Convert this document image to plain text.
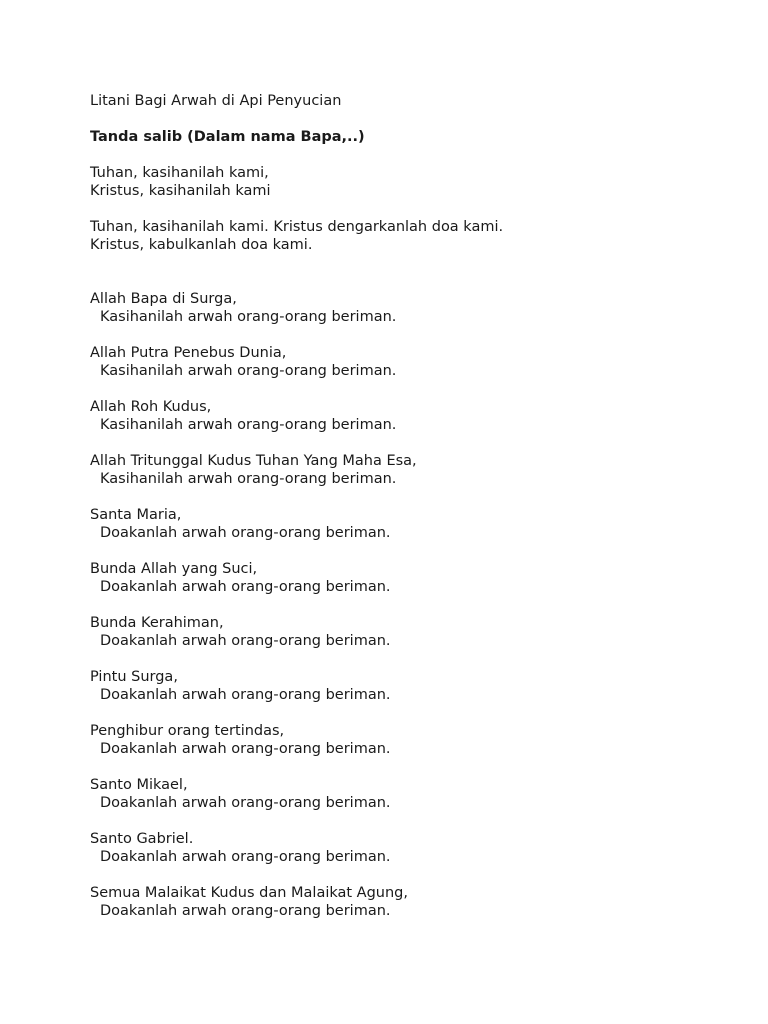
Litani Bagi Arwah di Api Penyucian
Tanda salib (Dalam nama Bapa,..)
Tuhan, kasihanilah kami,
Kristus, kasihanilah kami
Tuhan, kasihanilah kami. Kristus dengarkanlah doa kami.
Kristus, kabulkanlah doa kami.
Allah Bapa di Surga,
Kasihanilah arwah orang-orang beriman.
Allah Putra Penebus Dunia,
Kasihanilah arwah orang-orang beriman.
Allah Roh Kudus,
Kasihanilah arwah orang-orang beriman.
Allah Tritunggal Kudus Tuhan Yang Maha Esa,
Kasihanilah arwah orang-orang beriman.
Santa Maria,
Doakanlah arwah orang-orang beriman.
Bunda Allah yang Suci,
Doakanlah arwah orang-orang beriman.
Bunda Kerahiman,
Doakanlah arwah orang-orang beriman.
Pintu Surga,
Doakanlah arwah orang-orang beriman.
Penghibur orang tertindas,
Doakanlah arwah orang-orang beriman.
Santo Mikael,
Doakanlah arwah orang-orang beriman.
Santo Gabriel.
Doakanlah arwah orang-orang beriman.
Semua Malaikat Kudus dan Malaikat Agung,
Doakanlah arwah orang-orang beriman.
